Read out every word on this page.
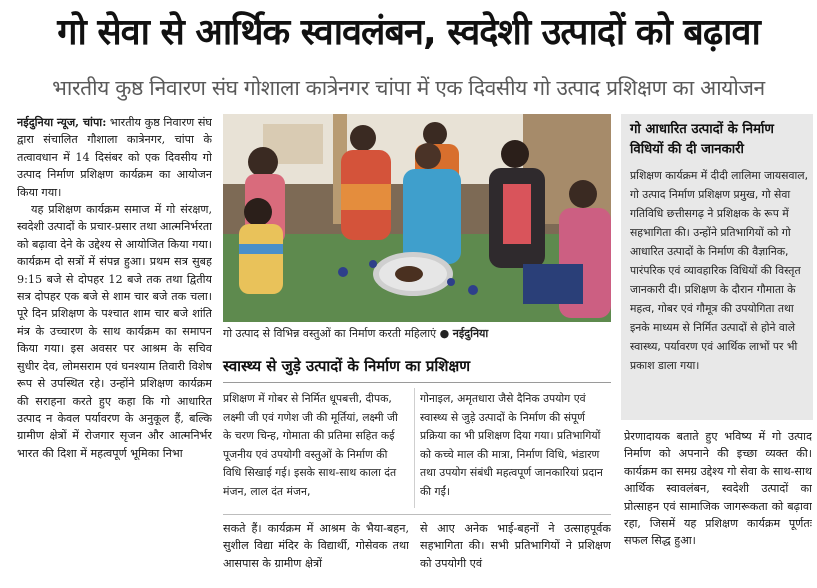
गो सेवा से आर्थिक स्वावलंबन, स्वदेशी उत्पादों को बढ़ावा
भारतीय कुष्ठ निवारण संघ गोशाला कात्रेनगर चांपा में एक दिवसीय गो उत्पाद प्रशिक्षण का आयोजन

नईदुनिया न्यूज, चांपा: भारतीय कुष्ठ निवारण संघ द्वारा संचालित गौशाला कात्रेनगर, चांपा के तत्वावधान में 14 दिसंबर को एक दिवसीय गो उत्पाद निर्माण प्रशिक्षण कार्यक्रम का आयोजन किया गया।

यह प्रशिक्षण कार्यक्रम समाज में गो संरक्षण, स्वदेशी उत्पादों के प्रचार-प्रसार तथा आत्मनिर्भरता को बढ़ावा देने के उद्देश्य से आयोजित किया गया। कार्यक्रम दो सत्रों में संपन्न हुआ। प्रथम सत्र सुबह 9:15 बजे से दोपहर 12 बजे तक तथा द्वितीय सत्र दोपहर एक बजे से शाम चार बजे तक चला। पूरे दिन प्रशिक्षण के पश्चात शाम चार बजे शांति मंत्र के उच्चारण के साथ कार्यक्रम का समापन किया गया। इस अवसर पर आश्रम के सचिव सुधीर देव, लोमसराम एवं घनश्याम तिवारी विशेष रूप से उपस्थित रहे। उन्होंने प्रशिक्षण कार्यक्रम की सराहना करते हुए कहा कि गो आधारित उत्पाद न केवल पर्यावरण के अनुकूल हैं, बल्कि ग्रामीण क्षेत्रों में रोजगार सृजन और आत्मनिर्भर भारत की दिशा में महत्वपूर्ण भूमिका निभा

गो उत्पाद से विभिन्न वस्तुओं का निर्माण करती महिलाएं ● नईदुनिया
स्वास्थ्य से जुड़े उत्पादों के निर्माण का प्रशिक्षण
प्रशिक्षण में गोबर से निर्मित धूपबत्ती, दीपक, लक्ष्मी जी एवं गणेश जी की मूर्तियां, लक्ष्मी जी के चरण चिन्ह, गोमाता की प्रतिमा सहित कई पूजनीय एवं उपयोगी वस्तुओं के निर्माण की विधि सिखाई गई। इसके साथ-साथ काला दंत मंजन, लाल दंत मंजन,
गोनाइल, अमृतधारा जैसे दैनिक उपयोग एवं स्वास्थ्य से जुड़े उत्पादों के निर्माण की संपूर्ण प्रक्रिया का भी प्रशिक्षण दिया गया। प्रतिभागियों को कच्चे माल की मात्रा, निर्माण विधि, भंडारण तथा उपयोग संबंधी महत्वपूर्ण जानकारियां प्रदान की गईं।
सकते हैं। कार्यक्रम में आश्रम के भैया-बहन, सुशील विद्या मंदिर के विद्यार्थी, गोसेवक तथा आसपास के ग्रामीण क्षेत्रों
से आए अनेक भाई-बहनों ने उत्साहपूर्वक सहभागिता की। सभी प्रतिभागियों ने प्रशिक्षण को उपयोगी एवं
गो आधारित उत्पादों के निर्माण विधियों की दी जानकारी
प्रशिक्षण कार्यक्रम में दीदी लालिमा जायसवाल, गो उत्पाद निर्माण प्रशिक्षण प्रमुख, गो सेवा गतिविधि छत्तीसगढ़ ने प्रशिक्षक के रूप में सहभागिता की। उन्होंने प्रतिभागियों को गो आधारित उत्पादों के निर्माण की वैज्ञानिक, पारंपरिक एवं व्यावहारिक विधियों की विस्तृत जानकारी दी। प्रशिक्षण के दौरान गौमाता के महत्व, गोबर एवं गौमूत्र की उपयोगिता तथा इनके माध्यम से निर्मित उत्पादों से होने वाले स्वास्थ्य, पर्यावरण एवं आर्थिक लाभों पर भी प्रकाश डाला गया।
प्रेरणादायक बताते हुए भविष्य में गो उत्पाद निर्माण को अपनाने की इच्छा व्यक्त की। कार्यक्रम का समग्र उद्देश्य गो सेवा के साथ-साथ आर्थिक स्वावलंबन, स्वदेशी उत्पादों का प्रोत्साहन एवं सामाजिक जागरूकता को बढ़ावा रहा, जिसमें यह प्रशिक्षण कार्यक्रम पूर्णतः सफल सिद्ध हुआ।
